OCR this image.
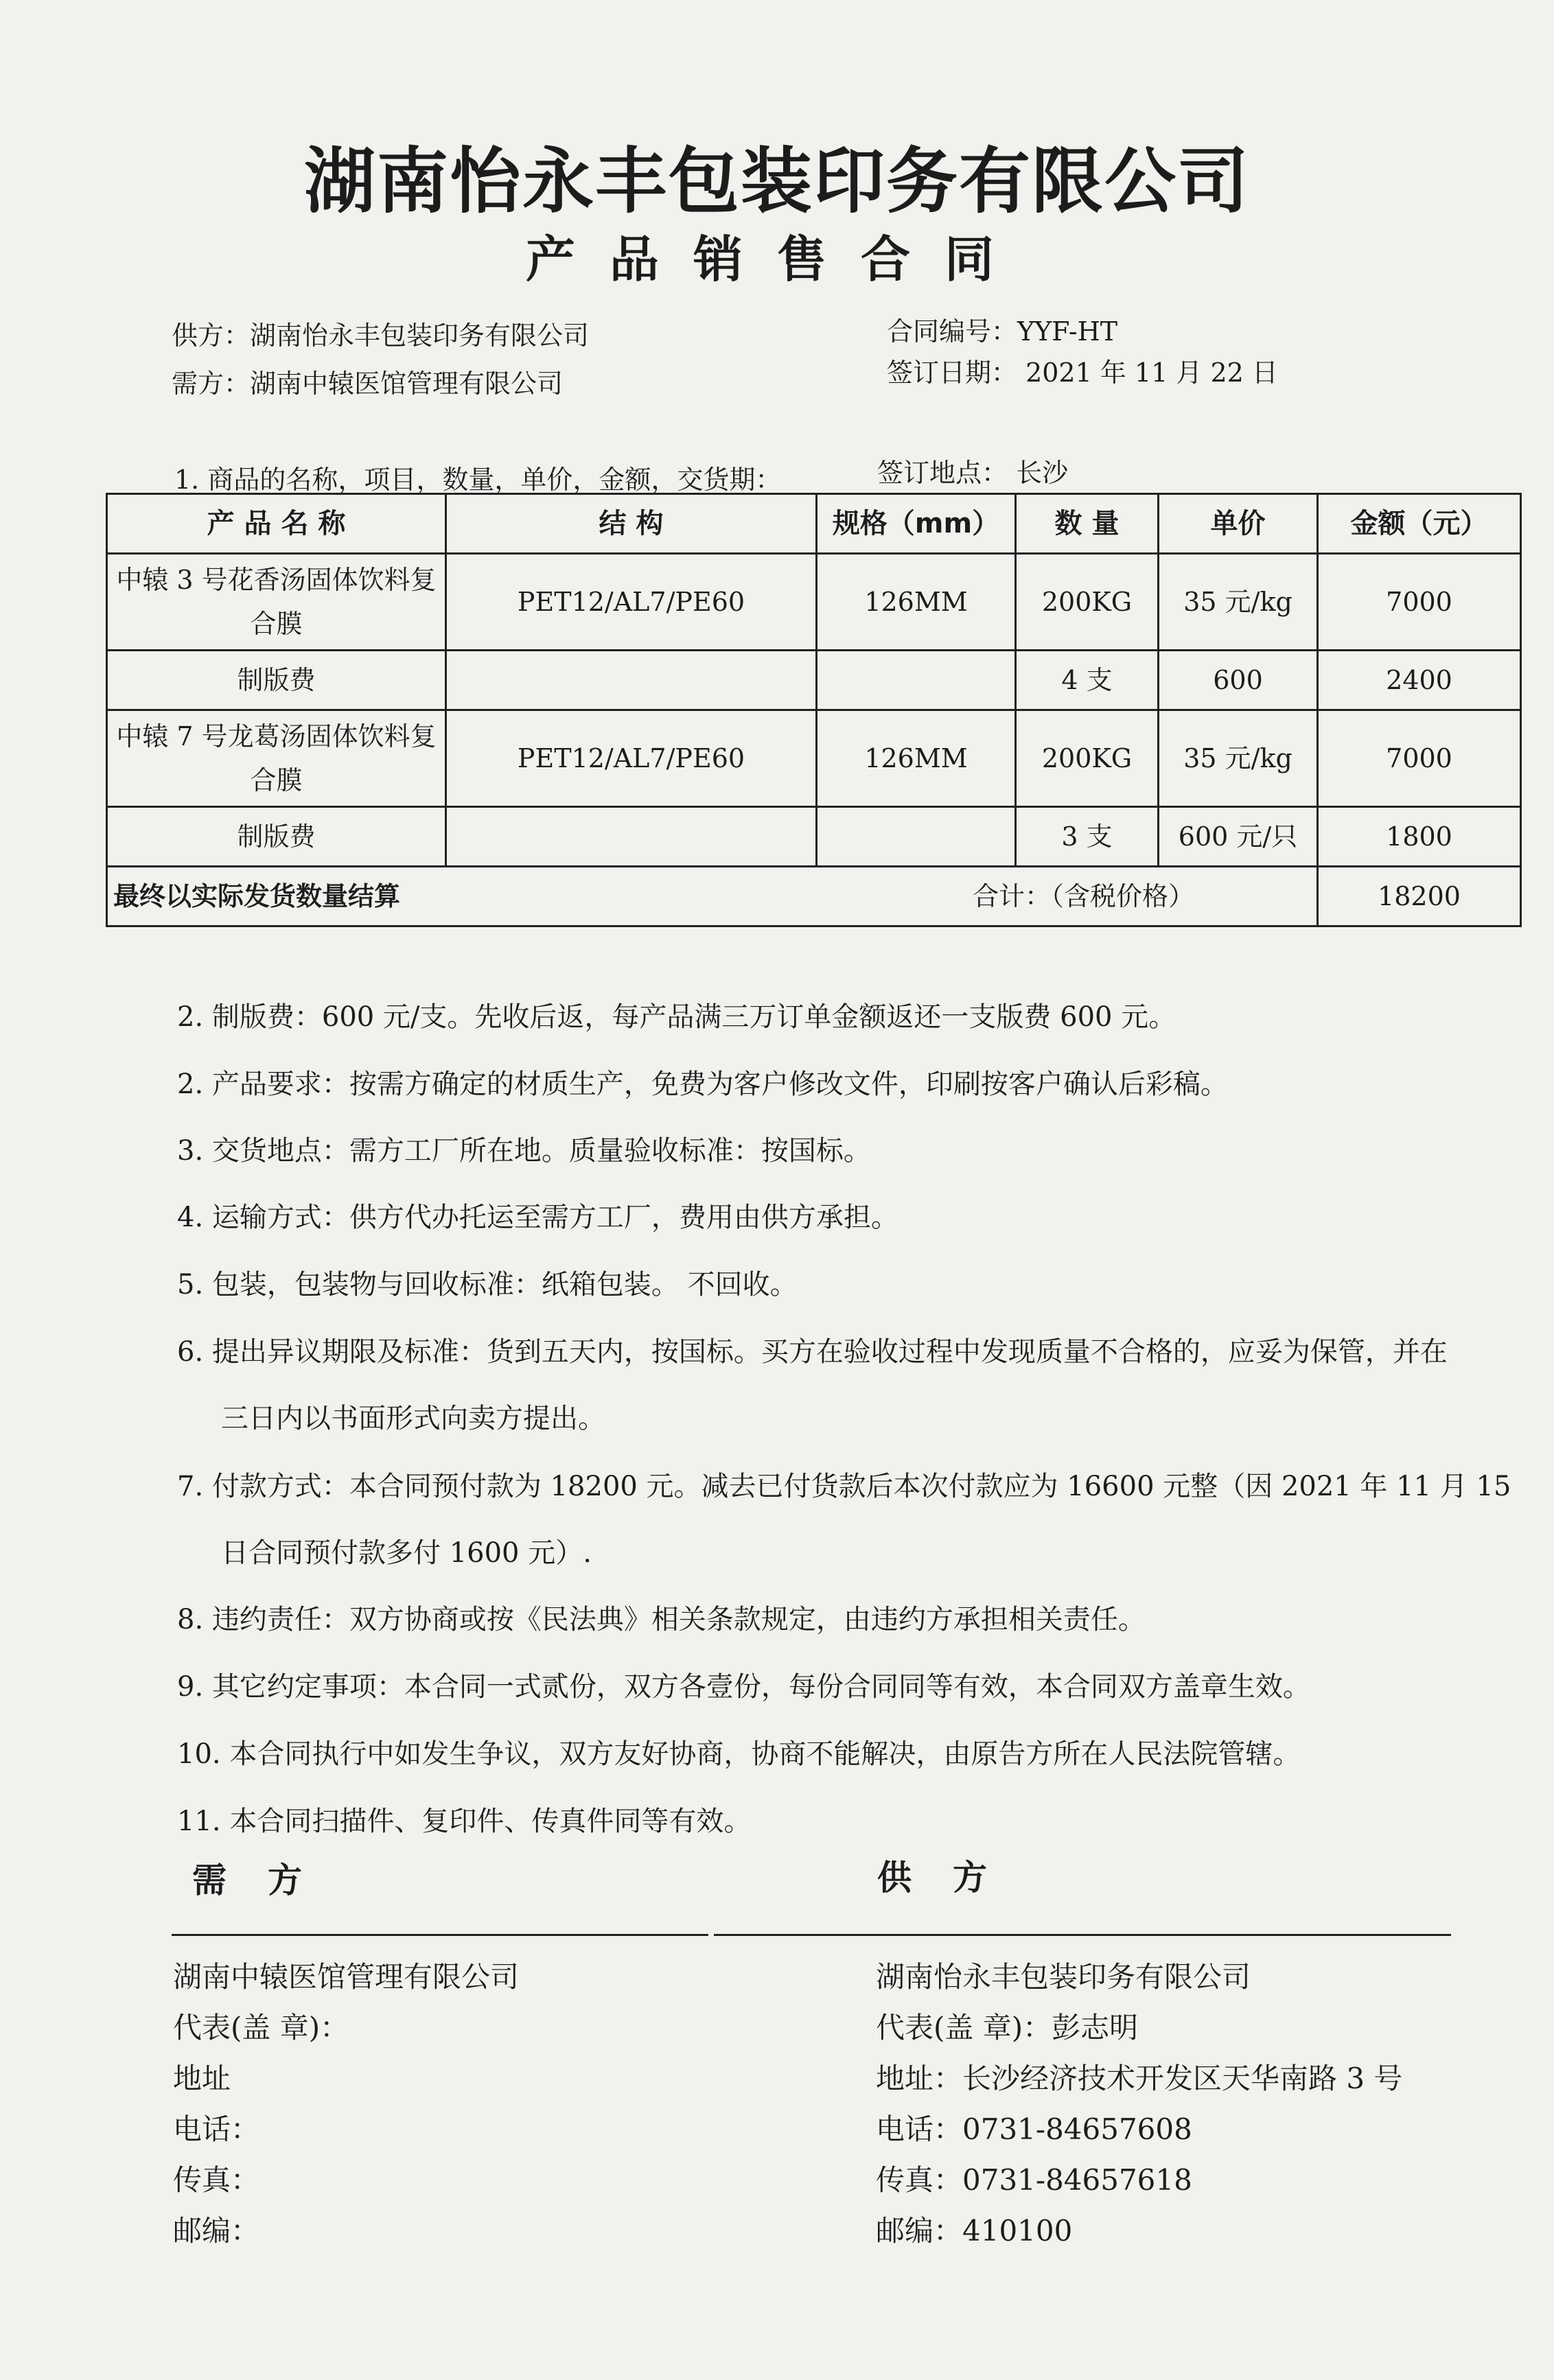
湖南怡永丰包装印务有限公司
产品销售合同
供方：湖南怡永丰包装印务有限公司
需方：湖南中辕医馆管理有限公司
合同编号：YYF-HT
签订日期： 2021 年 11 月 22 日
1. 商品的名称，项目，数量，单价，金额，交货期：	签订地点： 长沙
产 品 名 称	结 构	规格（mm）	数 量	单价	金额（元）
中辕 3 号花香汤固体饮料复合膜	PET12/AL7/PE60	126MM	200KG	35 元/kg	7000
制版费			4 支	600	2400
中辕 7 号龙葛汤固体饮料复合膜	PET12/AL7/PE60	126MM	200KG	35 元/kg	7000
制版费			3 支	600 元/只	1800

最终以实际发货数量结算 合计：（含税价格）					18200
2. 制版费：600 元/支。先收后返，每产品满三万订单金额返还一支版费 600 元。
2. 产品要求：按需方确定的材质生产，免费为客户修改文件，印刷按客户确认后彩稿。
3. 交货地点：需方工厂所在地。质量验收标准：按国标。
4. 运输方式：供方代办托运至需方工厂，费用由供方承担。
5. 包装，包装物与回收标准：纸箱包装。 不回收。
6. 提出异议期限及标准：货到五天内，按国标。买方在验收过程中发现质量不合格的，应妥为保管，并在
三日内以书面形式向卖方提出。
7. 付款方式：本合同预付款为 18200 元。减去已付货款后本次付款应为 16600 元整（因 2021 年 11 月 15
日合同预付款多付 1600 元）.
8. 违约责任：双方协商或按《民法典》相关条款规定，由违约方承担相关责任。
9. 其它约定事项：本合同一式贰份，双方各壹份，每份合同同等有效，本合同双方盖章生效。
10. 本合同执行中如发生争议，双方友好协商，协商不能解决，由原告方所在人民法院管辖。
11. 本合同扫描件、复印件、传真件同等有效。
需方	供方
湖南中辕医馆管理有限公司
代表(盖 章)：
地址
电话：
传真：
邮编：
湖南怡永丰包装印务有限公司
代表(盖 章)：彭志明
地址：长沙经济技术开发区天华南路 3 号
电话：0731-84657608
传真：0731-84657618
邮编：410100
